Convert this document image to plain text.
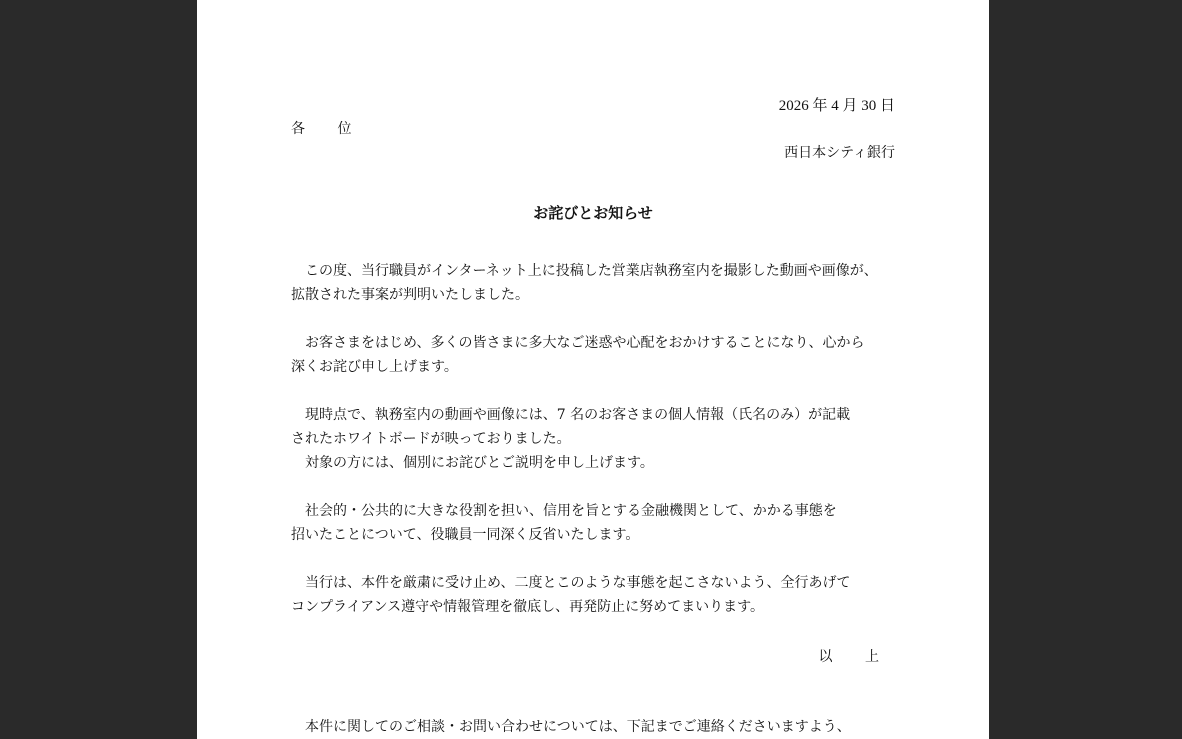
2026 年 4 月 30 日
各 位
西日本シティ銀行
お詫びとお知らせ
　この度、当行職員がインターネット上に投稿した営業店執務室内を撮影した動画や画像が、
拡散された事案が判明いたしました。
　お客さまをはじめ、多くの皆さまに多大なご迷惑や心配をおかけすることになり、心から
深くお詫び申し上げます。
　現時点で、執務室内の動画や画像には、7 名のお客さまの個人情報（氏名のみ）が記載
されたホワイトボードが映っておりました。
　対象の方には、個別にお詫びとご説明を申し上げます。
　社会的・公共的に大きな役割を担い、信用を旨とする金融機関として、かかる事態を
招いたことについて、役職員一同深く反省いたします。
　当行は、本件を厳粛に受け止め、二度とこのような事態を起こさないよう、全行あげて
コンプライアンス遵守や情報管理を徹底し、再発防止に努めてまいります。
以 上
　本件に関してのご相談・お問い合わせについては、下記までご連絡くださいますよう、
